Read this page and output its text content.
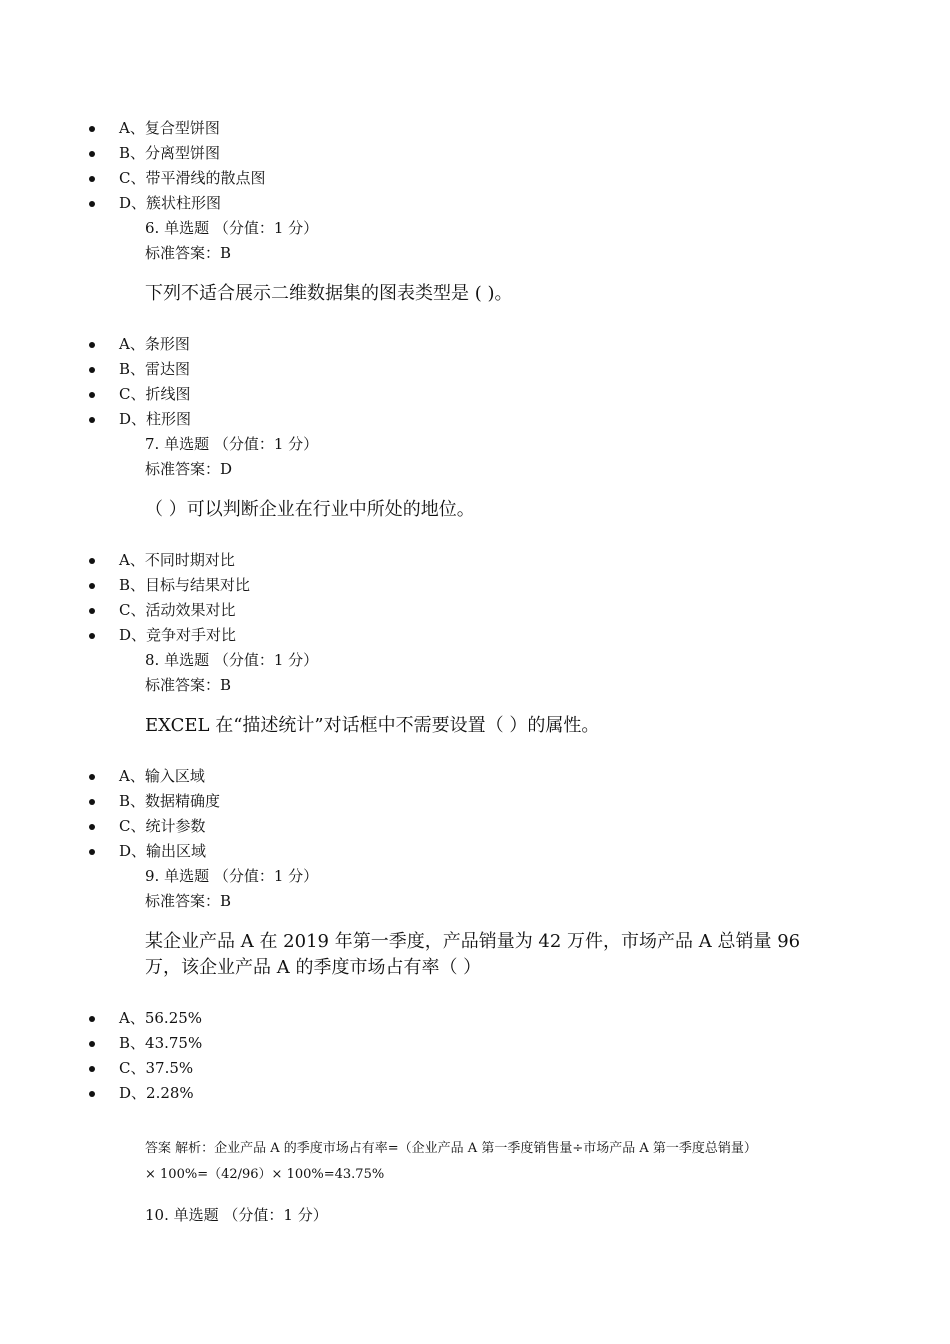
A、复合型饼图
B、分离型饼图
C、带平滑线的散点图
D、簇状柱形图
6. 单选题 （分值：1 分）
标准答案：B
下列不适合展示二维数据集的图表类型是 ( )。
A、条形图
B、雷达图
C、折线图
D、柱形图
7. 单选题 （分值：1 分）
标准答案：D
（ ）可以判断企业在行业中所处的地位。
A、不同时期对比
B、目标与结果对比
C、活动效果对比
D、竞争对手对比
8. 单选题 （分值：1 分）
标准答案：B
EXCEL 在“描述统计”对话框中不需要设置（ ）的属性。
A、输入区域
B、数据精确度
C、统计参数
D、输出区域
9. 单选题 （分值：1 分）
标准答案：B
某企业产品 A 在 2019 年第一季度，产品销量为 42 万件，市场产品 A 总销量 96
万，该企业产品 A 的季度市场占有率（ ）
A、56.25%
B、43.75%
C、37.5%
D、2.28%
答案 解析：企业产品 A 的季度市场占有率=（企业产品 A 第一季度销售量÷市场产品 A 第一季度总销量）
× 100%=（42/96）× 100%=43.75%
10. 单选题 （分值：1 分）
